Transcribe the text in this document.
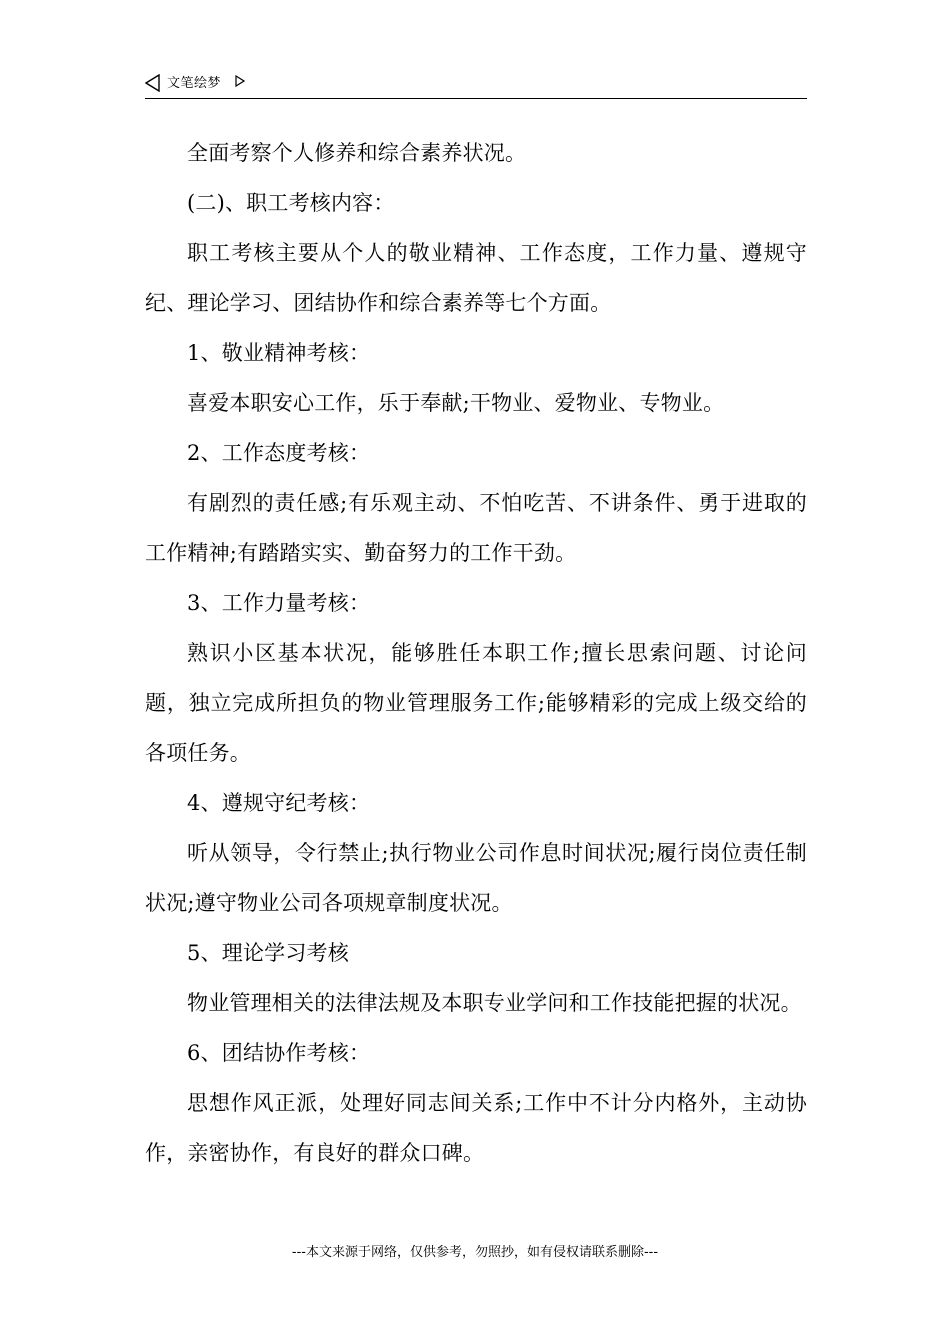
文笔绘梦

全面考察个人修养和综合素养状况。

(二)、职工考核内容：

职工考核主要从个人的敬业精神、工作态度，工作力量、遵规守纪、理论学习、团结协作和综合素养等七个方面。

1、敬业精神考核：

喜爱本职安心工作，乐于奉献;干物业、爱物业、专物业。

2、工作态度考核：

有剧烈的责任感;有乐观主动、不怕吃苦、不讲条件、勇于进取的工作精神;有踏踏实实、勤奋努力的工作干劲。

3、工作力量考核：

熟识小区基本状况，能够胜任本职工作;擅长思索问题、讨论问题，独立完成所担负的物业管理服务工作;能够精彩的完成上级交给的各项任务。

4、遵规守纪考核：

听从领导，令行禁止;执行物业公司作息时间状况;履行岗位责任制状况;遵守物业公司各项规章制度状况。

5、理论学习考核

物业管理相关的法律法规及本职专业学问和工作技能把握的状况。

6、团结协作考核：

思想作风正派，处理好同志间关系;工作中不计分内格外，主动协作，亲密协作，有良好的群众口碑。

---本文来源于网络，仅供参考，勿照抄，如有侵权请联系删除---
